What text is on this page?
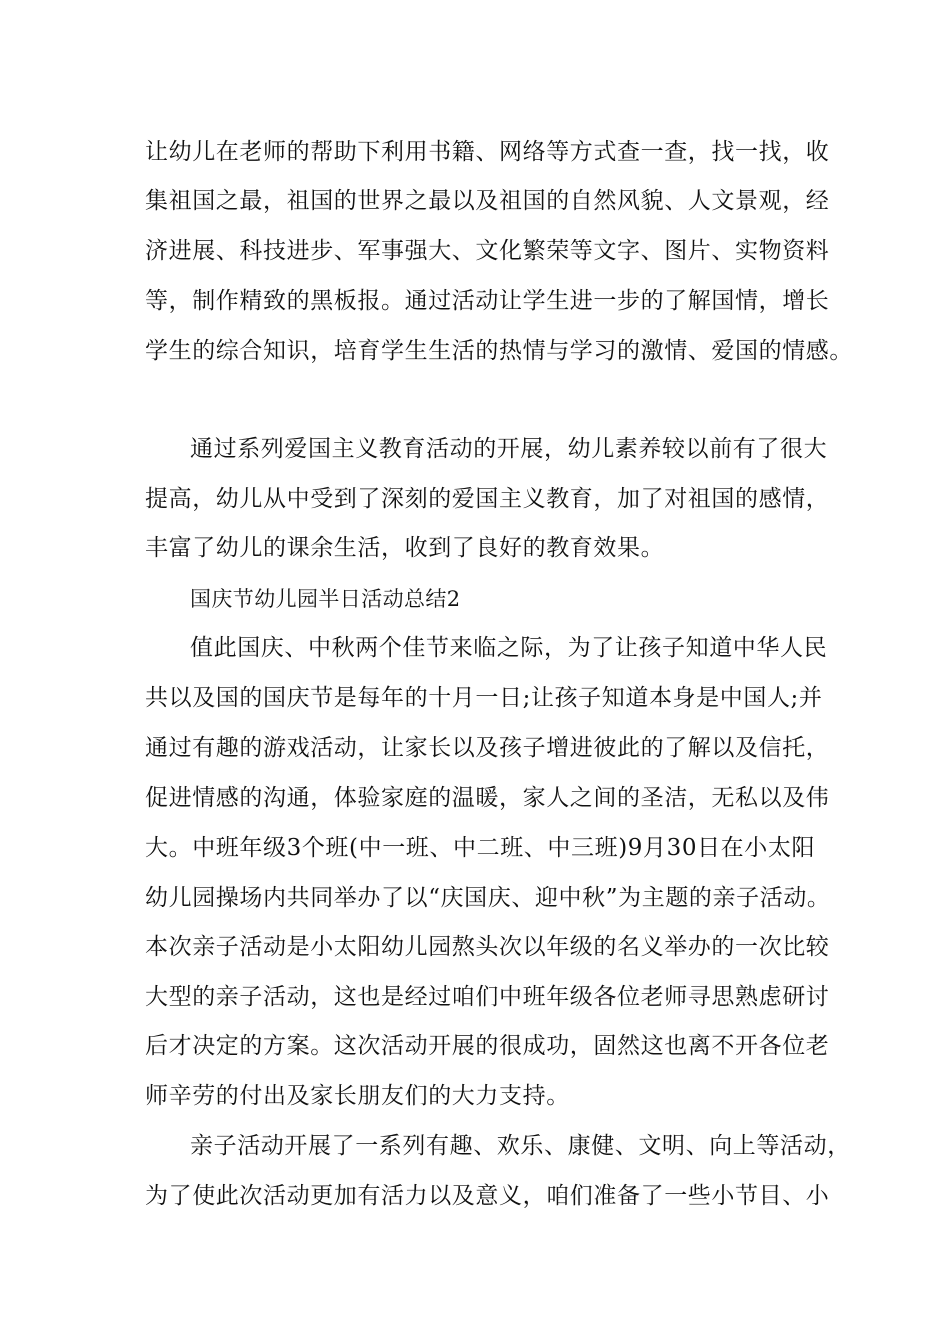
让幼儿在老师的帮助下利用书籍、网络等方式查一查，找一找，收

集祖国之最，祖国的世界之最以及祖国的自然风貌、人文景观，经

济进展、科技进步、军事强大、文化繁荣等文字、图片、实物资料

等，制作精致的黑板报。通过活动让学生进一步的了解国情，增长

学生的综合知识，培育学生生活的热情与学习的激情、爱国的情感。

通过系列爱国主义教育活动的开展，幼儿素养较以前有了很大

提高，幼儿从中受到了深刻的爱国主义教育，加了对祖国的感情，

丰富了幼儿的课余生活，收到了良好的教育效果。

国庆节幼儿园半日活动总结2

值此国庆、中秋两个佳节来临之际，为了让孩子知道中华人民

共以及国的国庆节是每年的十月一日;让孩子知道本身是中国人;并

通过有趣的游戏活动，让家长以及孩子增进彼此的了解以及信托，

促进情感的沟通，体验家庭的温暖，家人之间的圣洁，无私以及伟

大。中班年级3个班(中一班、中二班、中三班)9月30日在小太阳

幼儿园操场内共同举办了以“庆国庆、迎中秋”为主题的亲子活动。

本次亲子活动是小太阳幼儿园熬头次以年级的名义举办的一次比较

大型的亲子活动，这也是经过咱们中班年级各位老师寻思熟虑研讨

后才决定的方案。这次活动开展的很成功，固然这也离不开各位老

师辛劳的付出及家长朋友们的大力支持。

亲子活动开展了一系列有趣、欢乐、康健、文明、向上等活动，

为了使此次活动更加有活力以及意义，咱们准备了一些小节目、小
